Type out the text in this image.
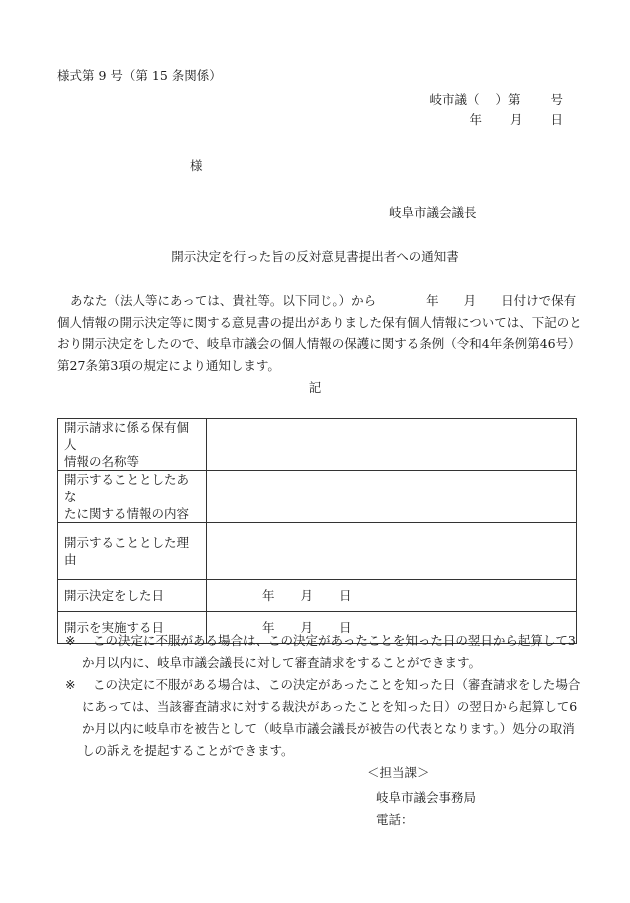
様式第 9 号（第 15 条関係）
岐市議（ ）第 号
年 月 日
様
岐阜市議会議長
開示決定を行った旨の反対意見書提出者への通知書
あなた（法人等にあっては、貴社等。以下同じ。）から　　　　年　　月　　日付けで保有
個人情報の開示決定等に関する意見書の提出がありました保有個人情報については、下記のと
おり開示決定をしたので、岐阜市議会の個人情報の保護に関する条例（令和4年条例第46号）
第27条第3項の規定により通知します。
記
開示請求に係る保有個人
情報の名称等	

開示することとしたあな
たに関する情報の内容	

開示することとした理由	

開示決定をした日	年 月 日

開示を実施する日	年 月 日
※	この決定に不服がある場合は、この決定があったことを知った日の翌日から起算して3
か月以内に、岐阜市議会議長に対して審査請求をすることができます。
※	この決定に不服がある場合は、この決定があったことを知った日（審査請求をした場合
にあっては、当該審査請求に対する裁決があったことを知った日）の翌日から起算して6
か月以内に岐阜市を被告として（岐阜市議会議長が被告の代表となります。）処分の取消
しの訴えを提起することができます。
＜担当課＞
岐阜市議会事務局
電話：
